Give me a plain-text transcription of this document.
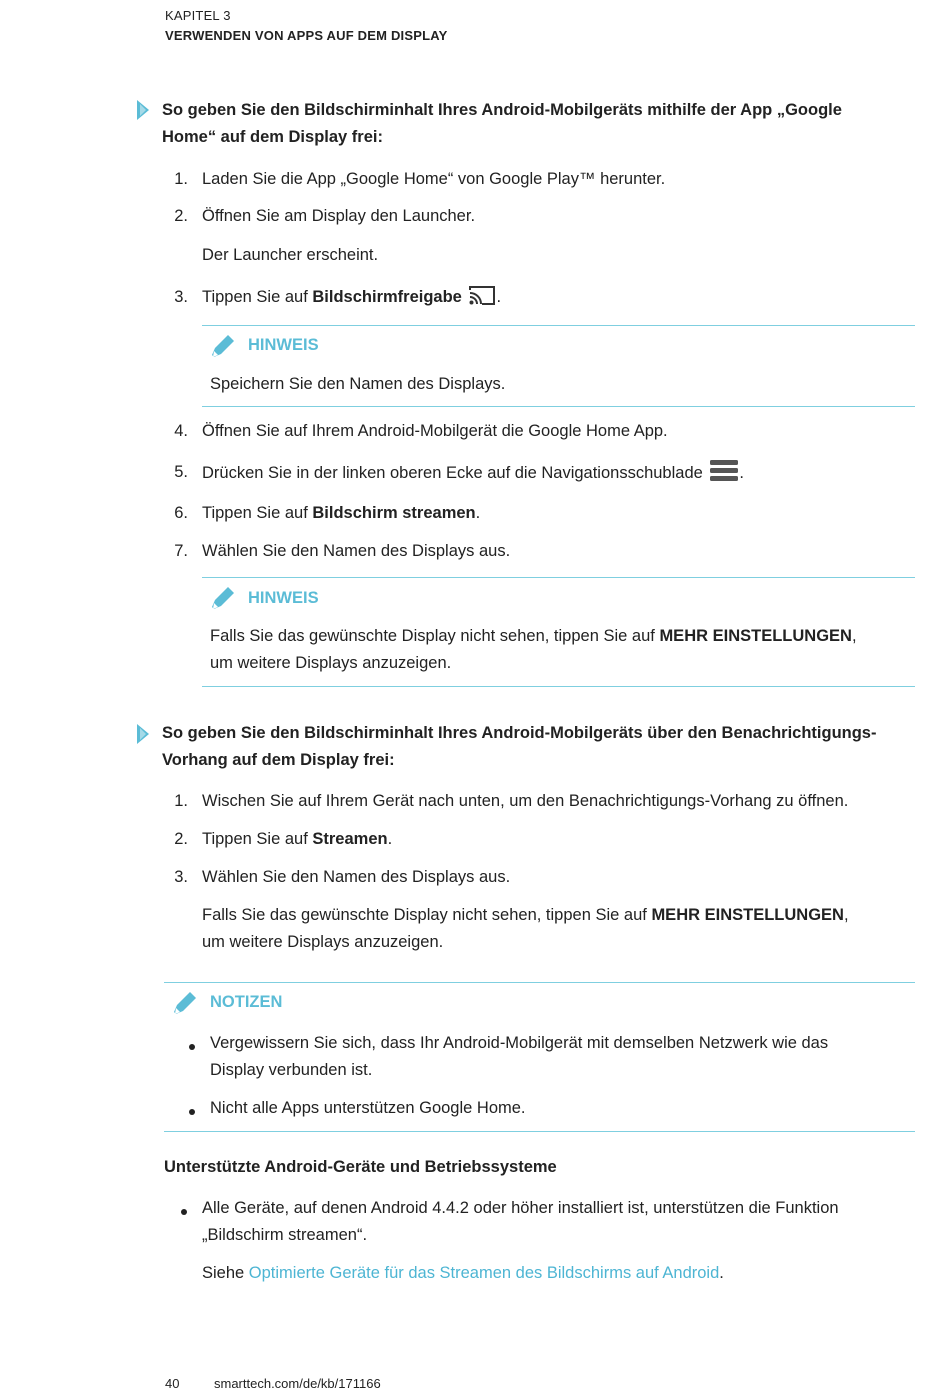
KAPITEL 3
VERWENDEN VON APPS AUF DEM DISPLAY
So geben Sie den Bildschirminhalt Ihres Android-Mobilgeräts mithilfe der App „Google
Home“ auf dem Display frei:
1. Laden Sie die App „Google Home“ von Google Play™ herunter.
2. Öffnen Sie am Display den Launcher.
Der Launcher erscheint.
3. Tippen Sie auf Bildschirmfreigabe .
HINWEIS
Speichern Sie den Namen des Displays.
4. Öffnen Sie auf Ihrem Android-Mobilgerät die Google Home App.
5. Drücken Sie in der linken oberen Ecke auf die Navigationsschublade .
6. Tippen Sie auf Bildschirm streamen.
7. Wählen Sie den Namen des Displays aus.
HINWEIS
Falls Sie das gewünschte Display nicht sehen, tippen Sie auf MEHR EINSTELLUNGEN,
um weitere Displays anzuzeigen.
So geben Sie den Bildschirminhalt Ihres Android-Mobilgeräts über den Benachrichtigungs-
Vorhang auf dem Display frei:
1. Wischen Sie auf Ihrem Gerät nach unten, um den Benachrichtigungs-Vorhang zu öffnen.
2. Tippen Sie auf Streamen.
3. Wählen Sie den Namen des Displays aus.
Falls Sie das gewünschte Display nicht sehen, tippen Sie auf MEHR EINSTELLUNGEN,
um weitere Displays anzuzeigen.
NOTIZEN
Vergewissern Sie sich, dass Ihr Android-Mobilgerät mit demselben Netzwerk wie das
Display verbunden ist.
Nicht alle Apps unterstützen Google Home.
Unterstützte Android-Geräte und Betriebssysteme
Alle Geräte, auf denen Android 4.4.2 oder höher installiert ist, unterstützen die Funktion
„Bildschirm streamen“.
Siehe Optimierte Geräte für das Streamen des Bildschirms auf Android.
40	smarttech.com/de/kb/171166
